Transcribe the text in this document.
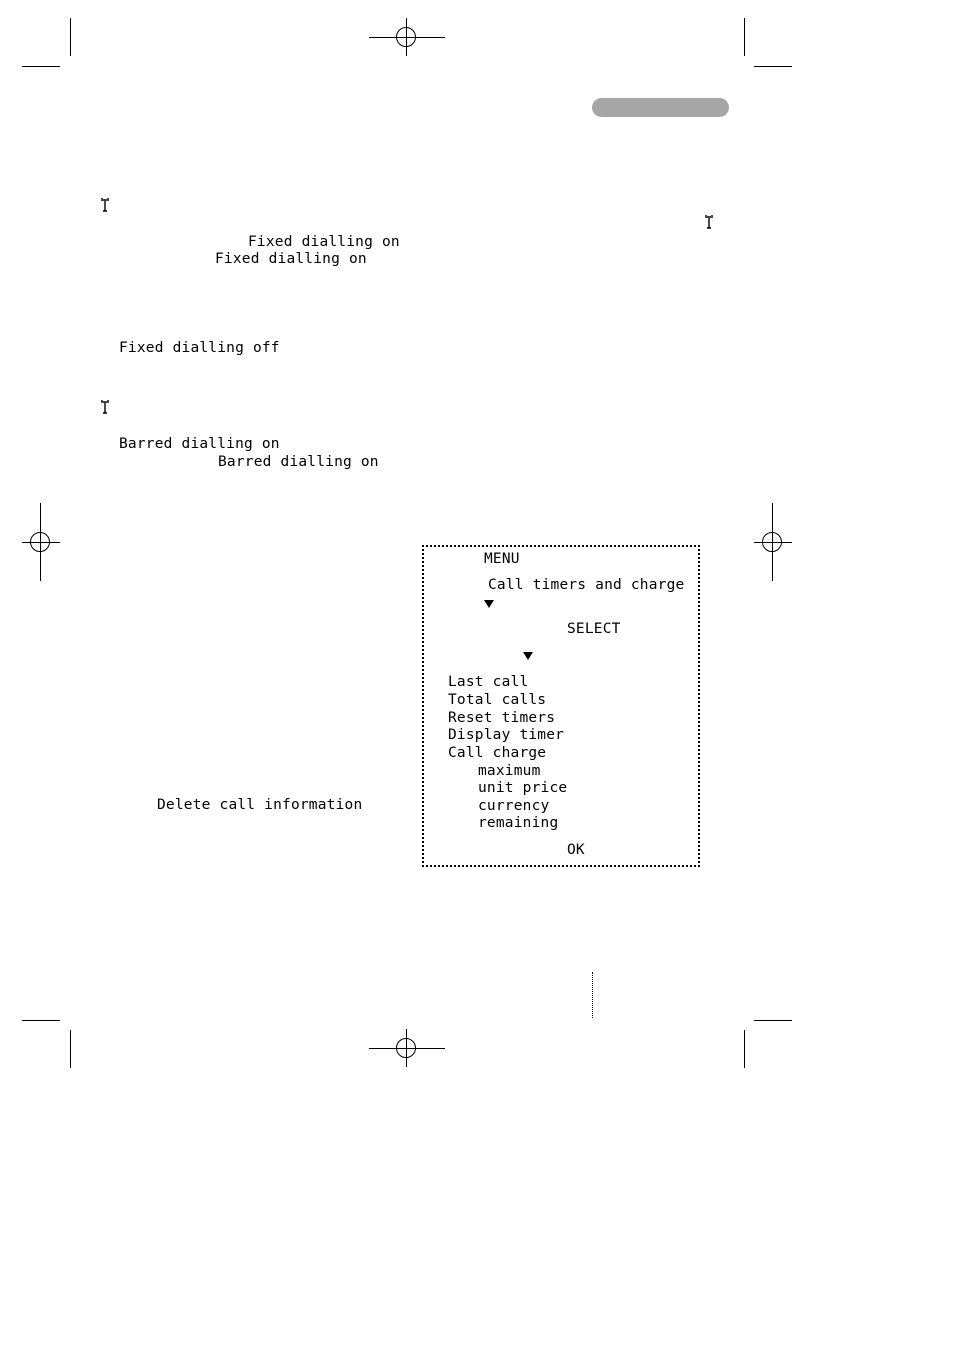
Fixed dialling on
Fixed dialling on
Fixed dialling off
Barred dialling on
Barred dialling on
Delete call information
MENU
Call timers and charge
SELECT
Last call
Total calls
Reset timers
Display timer
Call charge
maximum
unit price
currency
remaining
OK
